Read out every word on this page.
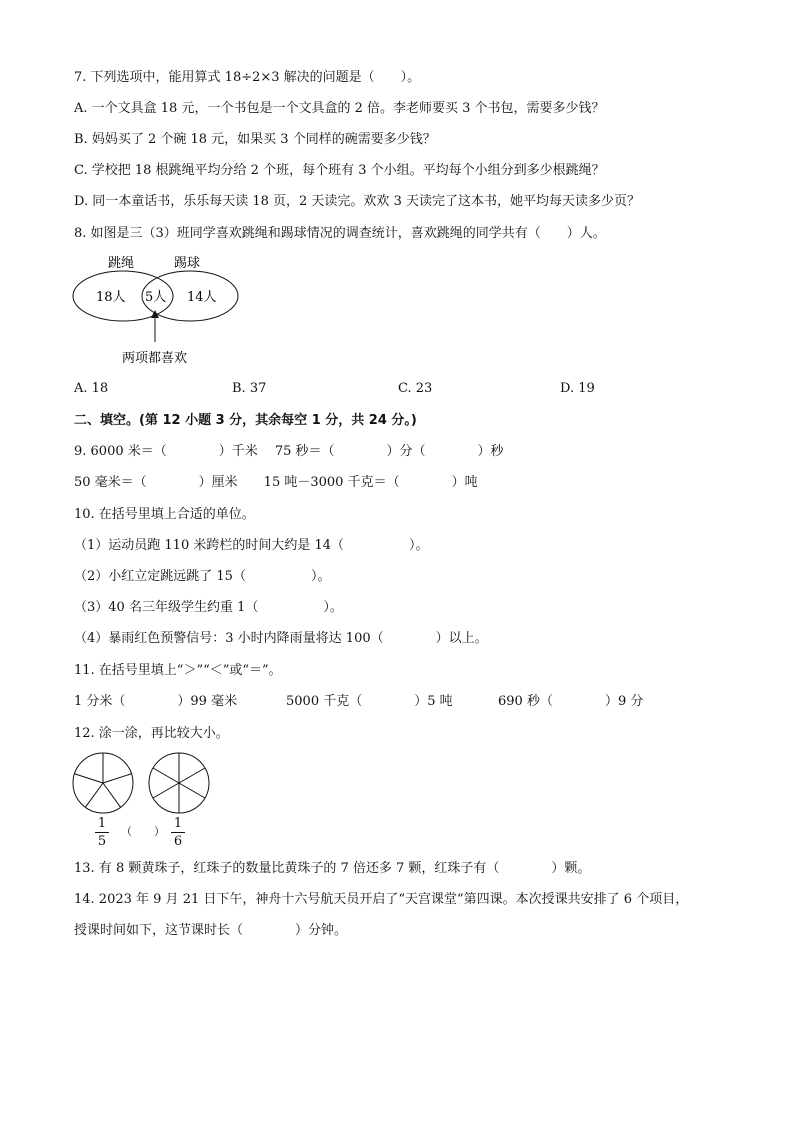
7. 下列选项中，能用算式 18÷2×3 解决的问题是（　　）。
A. 一个文具盒 18 元，一个书包是一个文具盒的 2 倍。李老师要买 3 个书包，需要多少钱？
B. 妈妈买了 2 个碗 18 元，如果买 3 个同样的碗需要多少钱？
C. 学校把 18 根跳绳平均分给 2 个班，每个班有 3 个小组。平均每个小组分到多少根跳绳？
D. 同一本童话书，乐乐每天读 18 页，2 天读完。欢欢 3 天读完了这本书，她平均每天读多少页？
8. 如图是三（3）班同学喜欢跳绳和踢球情况的调查统计，喜欢跳绳的同学共有（　　）人。
跳绳	踢球
18人 5人 14人
两项都喜欢
A. 18	B. 37	C. 23	D. 19
二、填空。(第 12 小题 3 分，其余每空 1 分，共 24 分。)
9. 6000 米＝（　　　　）千米　 75 秒＝（　　　　）分（　　　　）秒
50 毫米＝（　　　　）厘米　　15 吨－3000 千克＝（　　　　）吨
10. 在括号里填上合适的单位。
（1）运动员跑 110 米跨栏的时间大约是 14（　　　　　）。
（2）小红立定跳远跳了 15（　　　　　）。
（3）40 名三年级学生约重 1（　　　　　）。
（4）暴雨红色预警信号：3 小时内降雨量将达 100（　　　　）以上。
11. 在括号里填上“＞”“＜”或“＝”。
1 分米（　　　　）99 毫米	5000 千克（　　　　）5 吨	690 秒（　　　　）9 分
12. 涂一涂，再比较大小。
1
5
（　　）
1
6
13. 有 8 颗黄珠子，红珠子的数量比黄珠子的 7 倍还多 7 颗，红珠子有（　　　　）颗。
14. 2023 年 9 月 21 日下午，神舟十六号航天员开启了“天宫课堂”第四课。本次授课共安排了 6 个项目，
授课时间如下，这节课时长（　　　　）分钟。
